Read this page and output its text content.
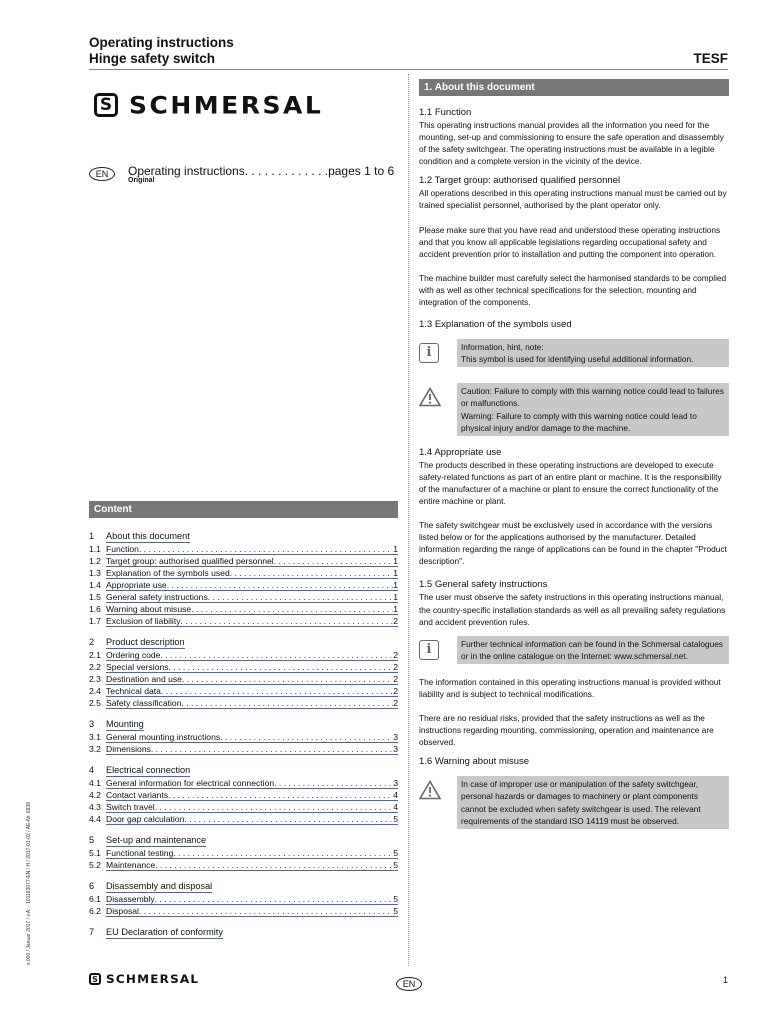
Operating instructions
Hinge safety switch	TESF
S SCHMERSAL
EN	Operating instructions. . . . . . . . . . . . .pages 1 to 6
Original
Content
1	About this document
1.1 Function . . .	1
1.2 Target group: authorised qualified personnel . . .	1
1.3 Explanation of the symbols used . . .	1
1.4 Appropriate use . . .	1
1.5 General safety instructions . . .	1
1.6 Warning about misuse . . .	1
1.7 Exclusion of liability . . .	2
2	Product description
2.1 Ordering code . . .	2
2.2 Special versions . . .	2
2.3 Destination and use . . .	2
2.4 Technical data . . .	2
2.5 Safety classification . . .	2
3	Mounting
3.1 General mounting instructions . . .	3
3.2 Dimensions . . .	3
4	Electrical connection
4.1 General information for electrical connection . . .	3
4.2 Contact variants . . .	4
4.3 Switch travel . . .	4
4.4 Door gap calculation . . .	5
5	Set-up and maintenance
5.1 Functional testing . . .	5
5.2 Maintenance . . .	5
6	Disassembly and disposal
6.1 Disassembly . . .	5
6.2 Disposal . . .	5
7	EU Declaration of conformity
x.000 / Januar 2017 / v.A. · 101183077-EN / H / 2017-01-02 / AE-Nr. 6938
1. About this document
1.1 Function

This operating instructions manual provides all the information you need for the mounting, set-up and commissioning to ensure the safe operation and disassembly of the safety switchgear. The operating instructions must be available in a legible condition and a complete version in the vicinity of the device.

1.2 Target group: authorised qualified personnel

All operations described in this operating instructions manual must be carried out by trained specialist personnel, authorised by the plant operator only.

Please make sure that you have read and understood these operating instructions and that you know all applicable legislations regarding occupational safety and accident prevention prior to installation and putting the component into operation.

The machine builder must carefully select the harmonised standards to be complied with as well as other technical specifications for the selection, mounting and integration of the components.

1.3 Explanation of the symbols used
i	Information, hint, note:
This symbol is used for identifying useful additional information.
Caution: Failure to comply with this warning notice could lead to failures or malfunctions.
Warning: Failure to comply with this warning notice could lead to physical injury and/or damage to the machine.
1.4 Appropriate use

The products described in these operating instructions are developed to execute safety-related functions as part of an entire plant or machine. It is the responsibility of the manufacturer of a machine or plant to ensure the correct functionality of the entire machine or plant.

The safety switchgear must be exclusively used in accordance with the versions listed below or for the applications authorised by the manufacturer. Detailed information regarding the range of applications can be found in the chapter "Product description".

1.5 General safety instructions

The user must observe the safety instructions in this operating instructions manual, the country-specific installation standards as well as all prevailing safety regulations and accident prevention rules.

i	Further technical information can be found in the Schmersal catalogues or in the online catalogue on the Internet: www.schmersal.net.

The information contained in this operating instructions manual is provided without liability and is subject to technical modifications.

There are no residual risks, provided that the safety instructions as well as the instructions regarding mounting, commissioning, operation and maintenance are observed.

1.6 Warning about misuse
In case of improper use or manipulation of the safety switchgear, personal hazards or damages to machinery or plant components cannot be excluded when safety switchgear is used. The relevant requirements of the standard ISO 14119 must be observed.
S SCHMERSAL	EN	1
